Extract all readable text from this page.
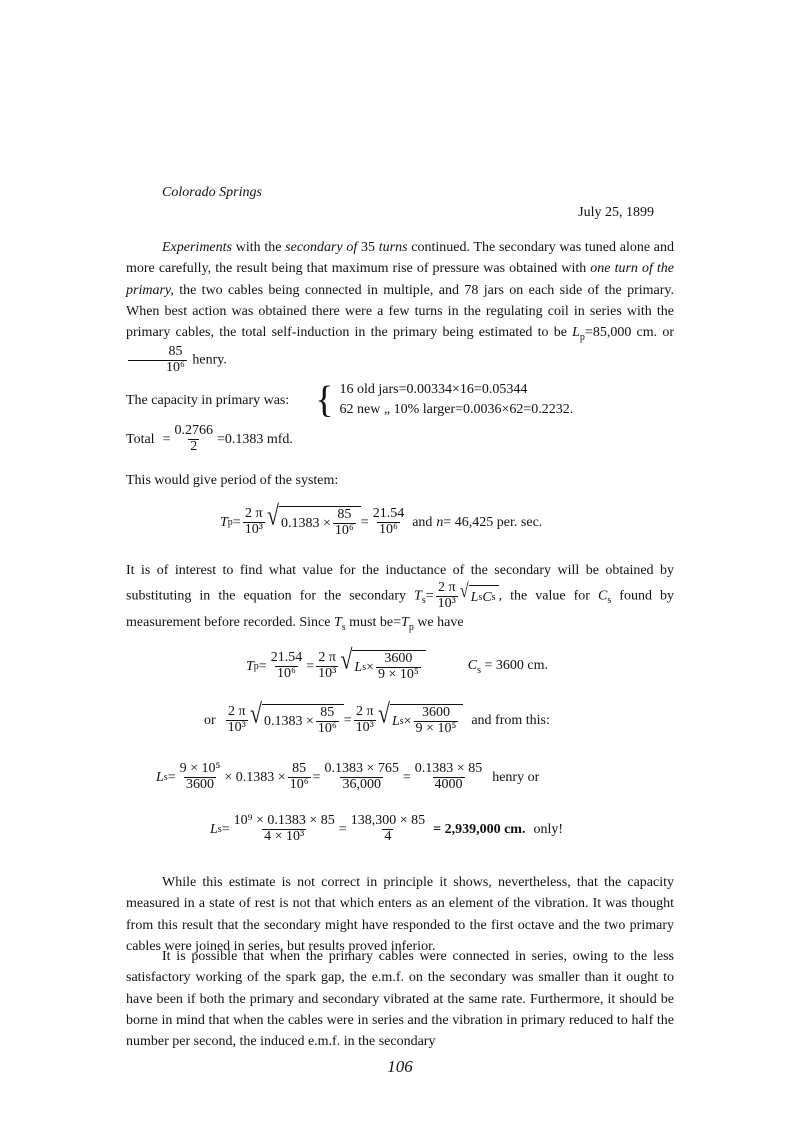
Colorado Springs
July 25, 1899

Experiments with the secondary of 35 turns continued. The secondary was tuned alone and more carefully, the result being that maximum rise of pressure was obtained with one turn of the primary, the two cables being connected in multiple, and 78 jars on each side of the primary. When best action was obtained there were a few turns in the regulating coil in series with the primary cables, the total self-induction in the primary being estimated to be $L_p=85,000$ cm. or
$\frac{85}{\text{10⁶}}$ henry.

The capacity in primary was: { 16 old jars=0.00334×16=0.05344
62 new „ 10% larger=0.0036×62=0.2232.
Total = $\frac{0.2766}{2} =0.1383$ mfd.
This would give period of the system:
T $p = \frac{2 \pi}{\text{10³}}$ √ $0.1383 \times \frac{85}{\text{10⁶}} = \frac{21.54}{\text{10⁶}}$ and n = 46,425 per. sec.

It is of interest to find what value for the inductance of the secondary will be obtained by substituting in the equation for the secondary $T_s= \frac{2 \pi}{\text{10³}}$ √ L s C s , the value for $C_s$ found by measurement before recorded. Since $T_s$ must $be=T_p$ we have

T $p = \frac{21.54}{\text{10⁶}} = \frac{2 \pi}{\text{10³}}$ √ L $s \times \frac{3600}{\text{9 × 10⁵}}$	$C_s = 3600$ cm.
or $\frac{2 \pi}{\text{10³}}$ √ $0.1383 \times \frac{85}{\text{10⁶}} = \frac{2 \pi}{\text{10³}}$ √ L $s \times \frac{3600}{\text{9 × 10⁵}}$ and from this:
L $s = \frac{\text{9 × 10⁵}}{3600} \times 0.1383 \times \frac{85}{\text{10⁶}} = \frac{0.1383 \times 765}{36,000} = \frac{0.1383 \times 85}{4000}$ henry or
L $s = \frac{\text{10⁹ × 0.1383 × 85}}{\text{4 × 10³}} = \frac{138,300 \times 85}{4} = 2,939,000$ cm. only!

While this estimate is not correct in principle it shows, nevertheless, that the capacity measured in a state of rest is not that which enters as an element of the vibration. It was thought from this result that the secondary might have responded to the first octave and the two primary cables were joined in series, but results proved inferior.

It is possible that when the primary cables were connected in series, owing to the less satisfactory working of the spark gap, the e.m.f. on the secondary was smaller than it ought to have been if both the primary and secondary vibrated at the same rate. Furthermore, it should be borne in mind that when the cables were in series and the vibration in primary reduced to half the number per second, the induced e.m.f. in the secondary

106
